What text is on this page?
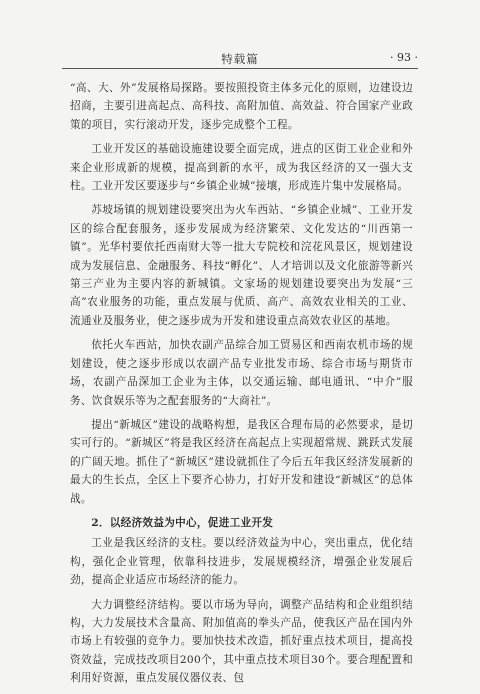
特载篇	· 93 ·

“高、大、外”发展格局探路。要按照投资主体多元化的原则，边建设边招商，主要引进高起点、高科技、高附加值、高效益、符合国家产业政策的项目，实行滚动开发，逐步完成整个工程。

工业开发区的基础设施建设要全面完成，进点的区街工业企业和外来企业形成新的规模，提高到新的水平，成为我区经济的又一强大支柱。工业开发区要逐步与“乡镇企业城”接壤，形成连片集中发展格局。

苏坡场镇的规划建设要突出为火车西站、“乡镇企业城”、工业开发区的综合配套服务，逐步发展成为经济繁荣、文化发达的“川西第一镇”。光华村要依托西南财大等一批大专院校和浣花风景区，规划建设成为发展信息、金融服务、科技“孵化”、人才培训以及文化旅游等新兴第三产业为主要内容的新城镇。文家场的规划建设要突出为发展“三高”农业服务的功能，重点发展与优质、高产、高效农业相关的工业、流通业及服务业，使之逐步成为开发和建设重点高效农业区的基地。

依托火车西站，加快农副产品综合加工贸易区和西南农机市场的规划建设，使之逐步形成以农副产品专业批发市场、综合市场与期货市场，农副产品深加工企业为主体，以交通运输、邮电通讯、“中介”服务、饮食娱乐等为之配套服务的“大商社”。

提出“新城区”建设的战略构想，是我区合理布局的必然要求，是切实可行的。“新城区”将是我区经济在高起点上实现超常规、跳跃式发展的广阔天地。抓住了“新城区”建设就抓住了今后五年我区经济发展新的最大的生长点，全区上下要齐心协力，打好开发和建设“新城区”的总体战。

2．以经济效益为中心，促进工业开发

工业是我区经济的支柱。要以经济效益为中心，突出重点，优化结构，强化企业管理，依靠科技进步，发展规模经济，增强企业发展后劲，提高企业适应市场经济的能力。

大力调整经济结构。要以市场为导向，调整产品结构和企业组织结构，大力发展技术含量高、附加值高的拳头产品，使我区产品在国内外市场上有较强的竞争力。要加快技术改造，抓好重点技术项目，提高投资效益，完成技改项目200个，其中重点技术项目30个。要合理配置和利用好资源，重点发展仪器仪表、包
